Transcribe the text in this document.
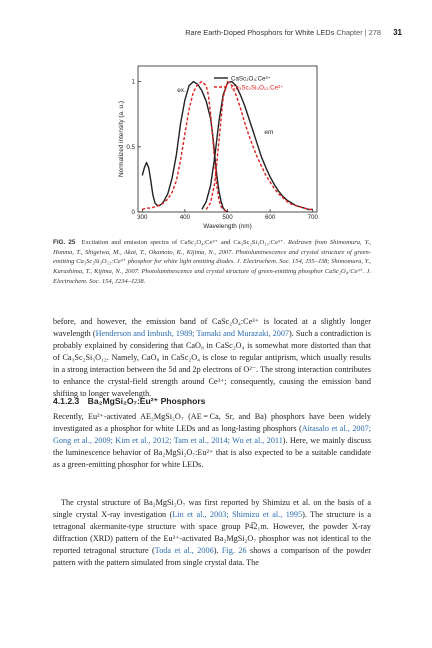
Rare Earth-Doped Phosphors for White LEDs Chapter | 278 31
300	400	500	600	700
0
0.5
1
Wavelength (nm)
Normalized intensity (a. u.)
ex.
em
CaSc₂O₄:Ce³⁺
Ca₃Sc₂Si₃O₁₂:Ce³⁺
FIG. 25 Excitation and emission spectra of CaSc₂O₄:Ce³⁺ and Ca₃Sc₂Si₃O₁₂:Ce³⁺. Redrawn from Shimomura, Y., Honma, T., Shigeiwa, M., Akai, T., Okamoto, K., Kijima, N., 2007. Photoluminescence and crystal structure of green-emitting Ca₃Sc₂Si₃O₁₂:Ce³⁺ phosphor for white light emitting diodes. J. Electrochem. Soc. 154, J35–J38; Shimomura, Y., Kurushima, T., Kijima, N., 2007. Photoluminescence and crystal structure of green-emitting phosphor CaSc₂O₄:Ce³⁺. J. Electrochem. Soc. 154, J234–J238.
before, and however, the emission band of CaSc₂O₄:Ce³⁺ is located at a slightly longer wavelength (Henderson and Imbush, 1989; Tamaki and Murazaki, 2007). Such a contradiction is probably explained by considering that CaO₈ in CaSc₂O₄ is somewhat more distorted than that of Ca₃Sc₂Si₃O₁₂. Namely, CaO₈ in CaSc₂O₄ is close to regular antiprism, which usually results in a strong interaction between the 5d and 2p electrons of O²⁻. The strong interaction contributes to enhance the crystal-field strength around Ce³⁺; consequently, causing the emission band shifting to longer wavelength.
4.1.2.3 Ba₂MgSi₂O₇:Eu²⁺ Phosphors
Recently, Eu²⁺-activated AE₂MgSi₂O₇ (AE = Ca, Sr, and Ba) phosphors have been widely investigated as a phosphor for white LEDs and as long-lasting phosphors (Aitasalo et al., 2007; Gong et al., 2009; Kim et al., 2012; Tam et al., 2014; Wu et al., 2011). Here, we mainly discuss the luminescence behavior of Ba₂MgSi₂O₇:Eu²⁺ that is also expected to be a suitable candidate as a green-emitting phosphor for white LEDs.
The crystal structure of Ba₂MgSi₂O₇ was first reported by Shimizu et al. on the basis of a single crystal X-ray investigation (Lin et al., 2003; Shimizu et al., 1995). The structure is a tetragonal akermanite-type structure with space group P4̅2₁m. However, the powder X-ray diffraction (XRD) pattern of the Eu²⁺-activated Ba₂MgSi₂O₇ phosphor was not identical to the reported tetragonal structure (Toda et al., 2006). Fig. 26 shows a comparison of the powder pattern with the pattern simulated from single crystal data. The
